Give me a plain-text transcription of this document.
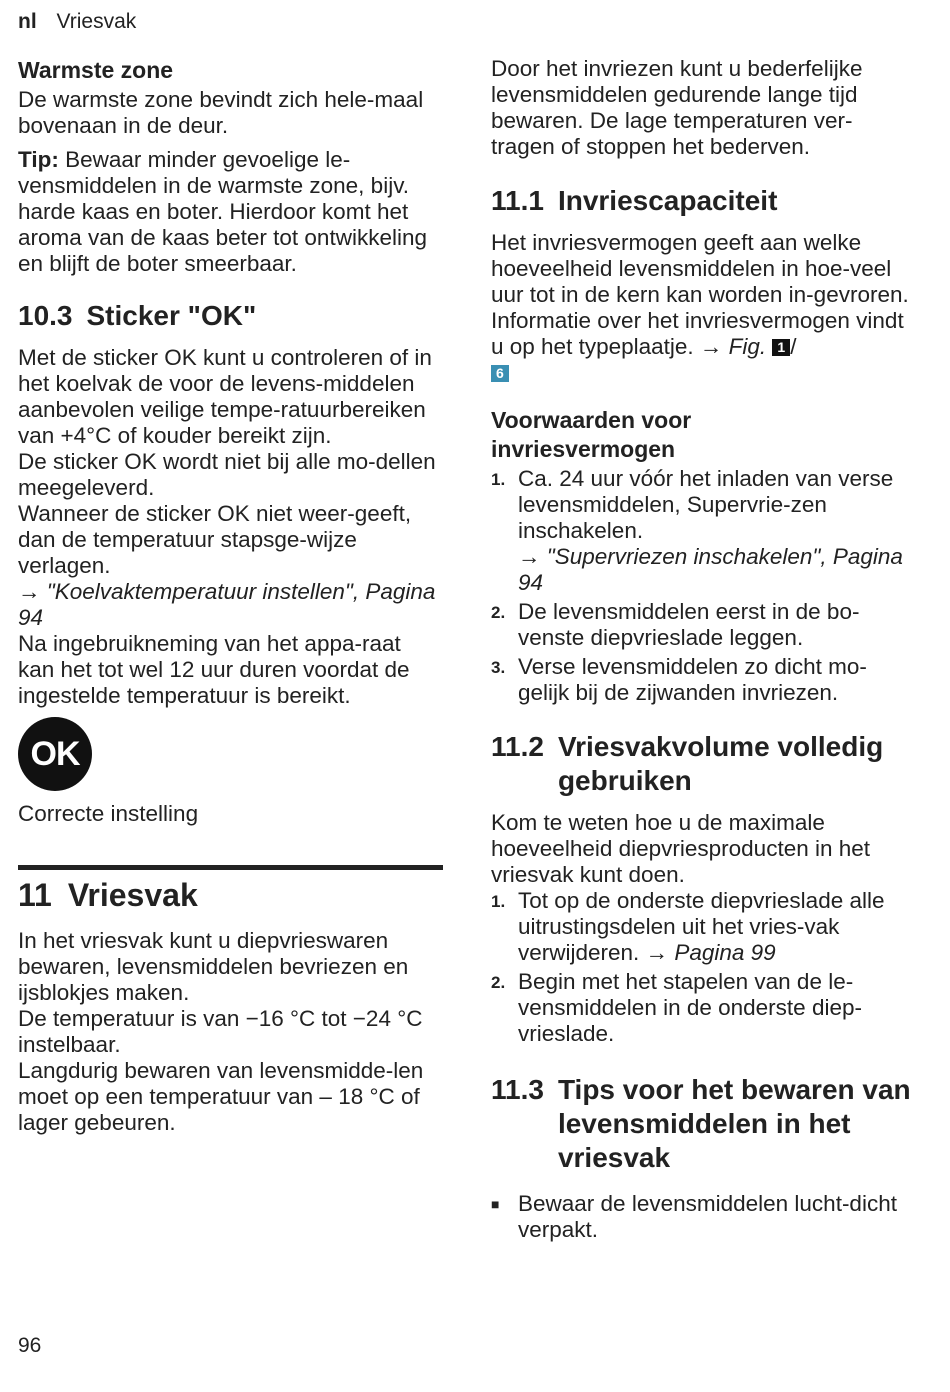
nl Vriesvak
Warmste zone

De warmste zone bevindt zich hele-maal bovenaan in de deur.

Tip: Bewaar minder gevoelige le-vensmiddelen in de warmste zone, bijv. harde kaas en boter. Hierdoor komt het aroma van de kaas beter tot ontwikkeling en blijft de boter smeerbaar.

10.3 Sticker "OK"

Met de sticker OK kunt u controleren of in het koelvak de voor de levens-middelen aanbevolen veilige tempe-ratuurbereiken van +4°C of kouder bereikt zijn.

De sticker OK wordt niet bij alle mo-dellen meegeleverd.

Wanneer de sticker OK niet weer-geeft, dan de temperatuur stapsge-wijze verlagen.

→ "Koelvaktemperatuur instellen", Pagina 94

Na ingebruikneming van het appa-raat kan het tot wel 12 uur duren voordat de ingestelde temperatuur is bereikt.

OK

Correcte instelling

11 Vriesvak

In het vriesvak kunt u diepvrieswaren bewaren, levensmiddelen bevriezen en ijsblokjes maken.

De temperatuur is van −16 °C tot −24 °C instelbaar.

Langdurig bewaren van levensmidde-len moet op een temperatuur van – 18 °C of lager gebeuren.

Door het invriezen kunt u bederfelijke levensmiddelen gedurende lange tijd bewaren. De lage temperaturen ver-tragen of stoppen het bederven.

11.1 Invriescapaciteit

Het invriesvermogen geeft aan welke hoeveelheid levensmiddelen in hoe-veel uur tot in de kern kan worden in-gevroren.

Informatie over het invriesvermogen vindt u op het typeplaatje. → Fig. 1 /
6

Voorwaarden voor invriesvermogen
1. Ca. 24 uur vóór het inladen van verse levensmiddelen, Supervrie-zen inschakelen.
→ "Supervriezen inschakelen", Pagina 94
2. De levensmiddelen eerst in de bo-venste diepvrieslade leggen.
3. Verse levensmiddelen zo dicht mo-gelijk bij de zijwanden invriezen.
11.2 Vriesvakvolume volledig gebruiken

Kom te weten hoe u de maximale hoeveelheid diepvriesproducten in het vriesvak kunt doen.

1. Tot op de onderste diepvrieslade alle uitrustingsdelen uit het vries-vak verwijderen. → Pagina 99
2. Begin met het stapelen van de le-vensmiddelen in de onderste diep-vrieslade.
11.3 Tips voor het bewaren van levensmiddelen in het vriesvak
■ Bewaar de levensmiddelen lucht-dicht verpakt.
96
